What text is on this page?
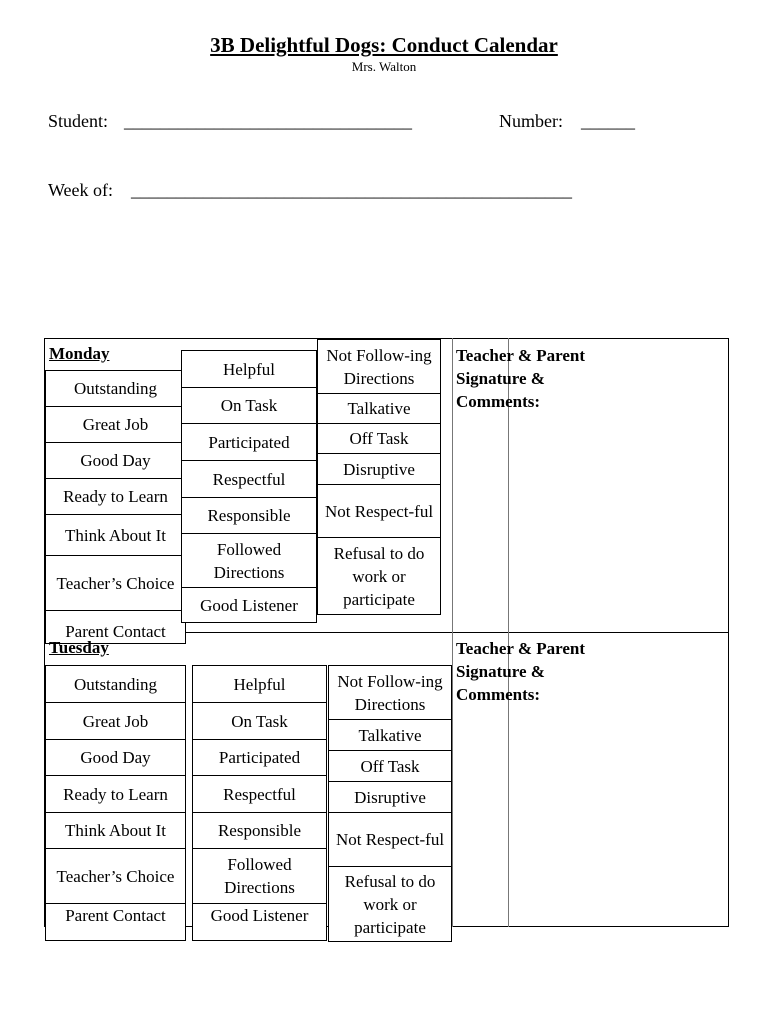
3B Delightful Dogs: Conduct Calendar
Mrs. Walton
Student: ________________________________	Number: ______
Week of: _________________________________________________
Monday
Outstanding
Great Job
Good Day
Ready to Learn
Think About It
Teacher’s Choice
Parent Contact
Helpful
On Task
Participated
Respectful
Responsible
Followed Directions
Good Listener
Not Follow-ing Directions
Talkative
Off Task
Disruptive
Not Respect-ful
Refusal to do work or participate
Teacher & Parent Signature & Comments:
Tuesday
Outstanding
Great Job
Good Day
Ready to Learn
Think About It
Teacher’s Choice
Parent Contact
Helpful
On Task
Participated
Respectful
Responsible
Followed Directions
Good Listener
Not Follow-ing Directions
Talkative
Off Task
Disruptive
Not Respect-ful
Refusal to do work or participate
Teacher & Parent Signature & Comments:
